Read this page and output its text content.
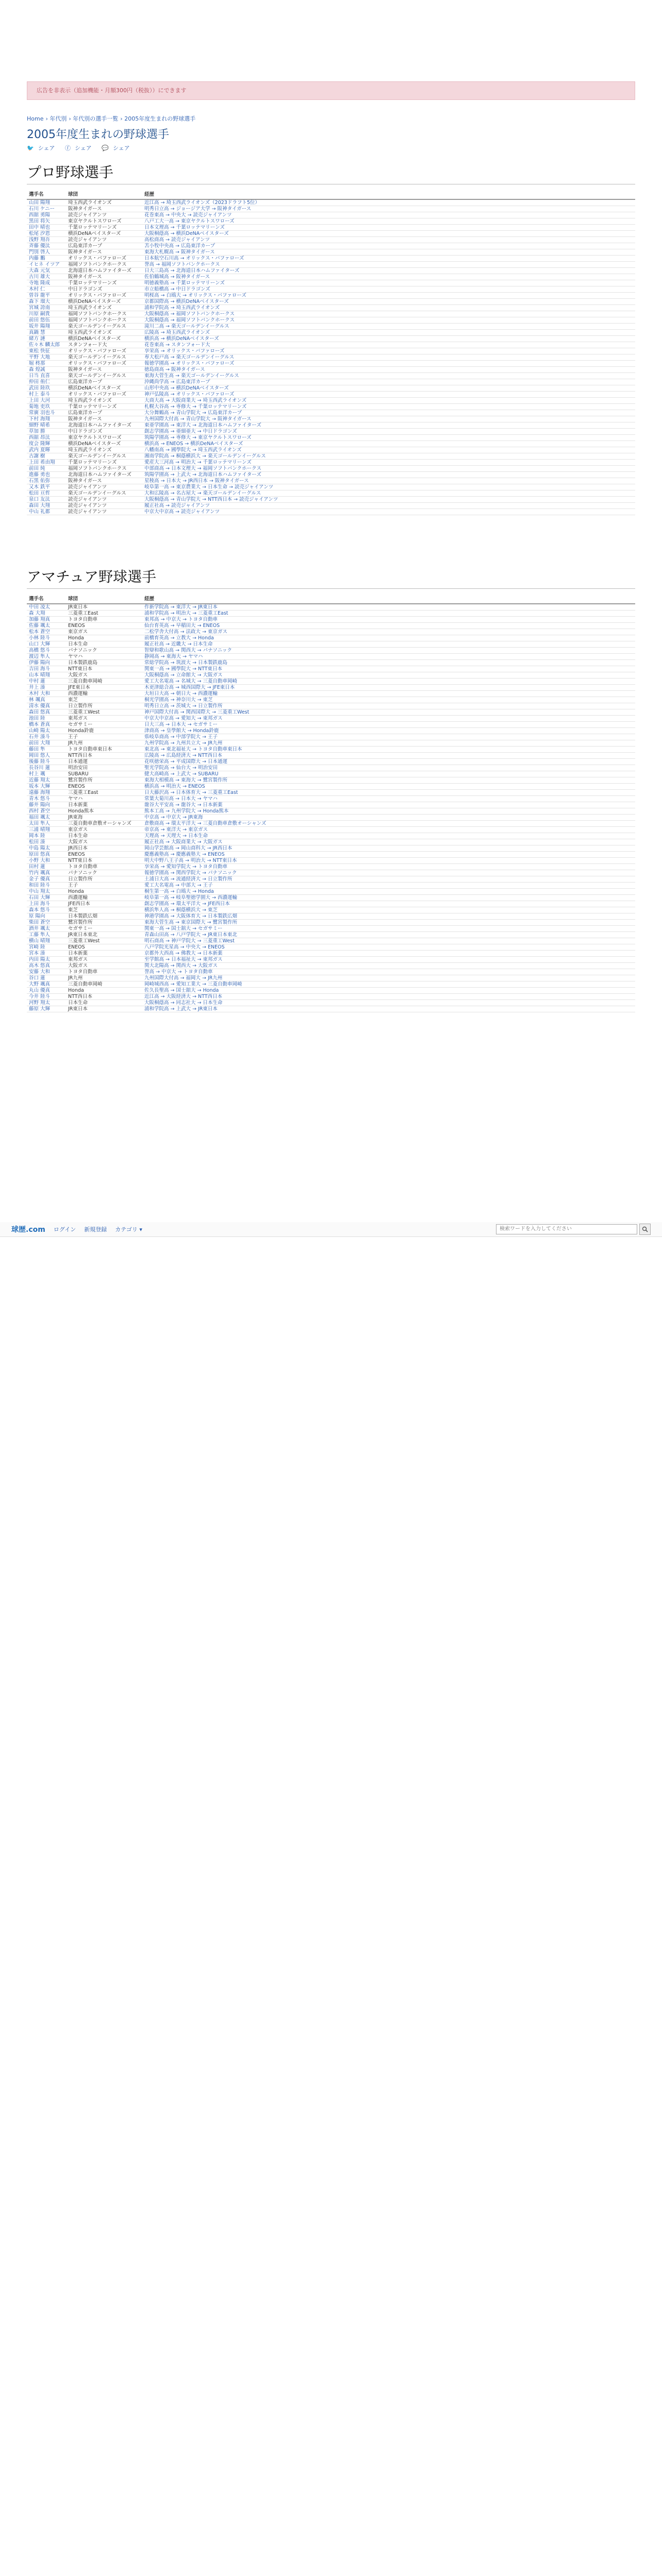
広告を非表示（追加機能・月額300円（税抜））にできます
Home › 年代別 › 年代別の選手一覧 › 2005年度生まれの野球選手
2005年度生まれの野球選手
🐦 シェア ⓕ シェア 💬 シェア
プロ野球選手
選手名	球団	経歴
山田 陽翔	埼玉西武ライオンズ	近江高 → 埼玉西武ライオンズ（2023ドラフト5位）
石川 ケニー	阪神タイガース	明秀日立高 → ジョージア大学 → 阪神タイガース
西舘 勇陽	読売ジャイアンツ	花巻東高 → 中央大 → 読売ジャイアンツ
黒田 将矢	東京ヤクルトスワローズ	八戸工大一高 → 東京ヤクルトスワローズ
田中 晴也	千葉ロッテマリーンズ	日本文理高 → 千葉ロッテマリーンズ
松尾 汐恩	横浜DeNAベイスターズ	大阪桐蔭高 → 横浜DeNAベイスターズ
浅野 翔吾	読売ジャイアンツ	高松商高 → 読売ジャイアンツ
斉藤 優汰	広島東洋カープ	苫小牧中央高 → 広島東洋カープ
門別 啓人	阪神タイガース	東海大札幌高 → 阪神タイガース
内藤 鵬	オリックス・バファローズ	日本航空石川高 → オリックス・バファローズ
イヒネ イツア	福岡ソフトバンクホークス	誉高 → 福岡ソフトバンクホークス
大森 元気	北海道日本ハムファイターズ	日大三島高 → 北海道日本ハムファイターズ
古川 雄大	阪神タイガース	佐伯鶴城高 → 阪神タイガース
寺地 隆成	千葉ロッテマリーンズ	明徳義塾高 → 千葉ロッテマリーンズ
木村 仁	中日ドラゴンズ	市立船橋高 → 中日ドラゴンズ
曽谷 龍平	オリックス・バファローズ	明桜高 → 白鴎大 → オリックス・バファローズ
森下 瑠大	横浜DeNAベイスターズ	京都国際高 → 横浜DeNAベイスターズ
宮城 誇南	埼玉西武ライオンズ	浦和学院高 → 埼玉西武ライオンズ
川原 嗣貴	福岡ソフトバンクホークス	大阪桐蔭高 → 福岡ソフトバンクホークス
前田 悠伍	福岡ソフトバンクホークス	大阪桐蔭高 → 福岡ソフトバンクホークス
坂井 陽翔	楽天ゴールデンイーグルス	滝川二高 → 楽天ゴールデンイーグルス
真鍋 慧	埼玉西武ライオンズ	広陵高 → 埼玉西武ライオンズ
緒方 漣	横浜DeNAベイスターズ	横浜高 → 横浜DeNAベイスターズ
佐々木 麟太郎	スタンフォード大	花巻東高 → スタンフォード大
東松 快征	オリックス・バファローズ	享栄高 → オリックス・バファローズ
平野 大地	楽天ゴールデンイーグルス	専大松戸高 → 楽天ゴールデンイーグルス
堀 柊那	オリックス・バファローズ	報徳学園高 → オリックス・バファローズ
森 煌誠	阪神タイガース	徳島商高 → 阪神タイガース
日当 直喜	楽天ゴールデンイーグルス	東海大菅生高 → 楽天ゴールデンイーグルス
仲田 侑仁	広島東洋カープ	沖縄尚学高 → 広島東洋カープ
武田 陸玖	横浜DeNAベイスターズ	山形中央高 → 横浜DeNAベイスターズ
村上 泰斗	オリックス・バファローズ	神戸弘陵高 → オリックス・バファローズ
上田 大河	埼玉西武ライオンズ	大商大高 → 大阪商業大 → 埼玉西武ライオンズ
菊地 吏玖	千葉ロッテマリーンズ	札幌大谷高 → 専修大 → 千葉ロッテマリーンズ
常廣 羽也斗	広島東洋カープ	大分舞鶴高 → 青山学院大 → 広島東洋カープ
下村 海翔	阪神タイガース	九州国際大付高 → 青山学院大 → 阪神タイガース
細野 晴希	北海道日本ハムファイターズ	東亜学園高 → 東洋大 → 北海道日本ハムファイターズ
草加 勝	中日ドラゴンズ	創志学園高 → 亜細亜大 → 中日ドラゴンズ
西舘 昂汰	東京ヤクルトスワローズ	筑陽学園高 → 専修大 → 東京ヤクルトスワローズ
度会 隆輝	横浜DeNAベイスターズ	横浜高 → ENEOS → 横浜DeNAベイスターズ
武内 夏暉	埼玉西武ライオンズ	八幡南高 → 國學院大 → 埼玉西武ライオンズ
古謝 樹	楽天ゴールデンイーグルス	湘南学院高 → 桐蔭横浜大 → 楽天ゴールデンイーグルス
上田 希由翔	千葉ロッテマリーンズ	愛産大三河高 → 明治大 → 千葉ロッテマリーンズ
前田 純	福岡ソフトバンクホークス	中部商高 → 日本文理大 → 福岡ソフトバンクホークス
進藤 勇也	北海道日本ハムファイターズ	筑陽学園高 → 上武大 → 北海道日本ハムファイターズ
石黒 佑弥	阪神タイガース	星稜高 → 日本大 → JR西日本 → 阪神タイガース
又木 鉄平	読売ジャイアンツ	岐阜第一高 → 東京農業大 → 日本生命 → 読売ジャイアンツ
松田 亘哲	楽天ゴールデンイーグルス	大和広陵高 → 名古屋大 → 楽天ゴールデンイーグルス
泉口 友汰	読売ジャイアンツ	大阪桐蔭高 → 青山学院大 → NTT西日本 → 読売ジャイアンツ
森田 大翔	読売ジャイアンツ	履正社高 → 読売ジャイアンツ
中山 礼都	読売ジャイアンツ	中京大中京高 → 読売ジャイアンツ
アマチュア野球選手
選手名	球団	経歴
中田 凌太	JR東日本	作新学院高 → 東洋大 → JR東日本
森 大翔	三菱重工East	浦和学院高 → 明治大 → 三菱重工East
加藤 翔真	トヨタ自動車	東邦高 → 中京大 → トヨタ自動車
佐藤 颯太	ENEOS	仙台育英高 → 早稲田大 → ENEOS
松本 蒼空	東京ガス	二松学舎大付高 → 法政大 → 東京ガス
小林 陸斗	Honda	前橋育英高 → 立教大 → Honda
山口 大輝	日本生命	履正社高 → 近畿大 → 日本生命
高橋 悠斗	パナソニック	智辯和歌山高 → 関西大 → パナソニック
渡辺 隼人	ヤマハ	静岡高 → 東海大 → ヤマハ
伊藤 陽向	日本製鉄鹿島	常総学院高 → 筑波大 → 日本製鉄鹿島
吉田 海斗	NTT東日本	関東一高 → 國學院大 → NTT東日本
山本 晴翔	大阪ガス	大阪桐蔭高 → 立命館大 → 大阪ガス
中村 蓮	三菱自動車岡崎	愛工大名電高 → 名城大 → 三菱自動車岡崎
井上 湊	JFE東日本	木更津総合高 → 城西国際大 → JFE東日本
木村 大和	西濃運輸	大垣日大高 → 朝日大 → 西濃運輸
林 颯真	東芝	桐光学園高 → 神奈川大 → 東芝
清水 優真	日立製作所	明秀日立高 → 茨城大 → 日立製作所
森田 悠真	三菱重工West	神戸国際大付高 → 関西国際大 → 三菱重工West
池田 陸	東邦ガス	中京大中京高 → 愛知大 → 東邦ガス
橋本 蒼真	セガサミー	日大三高 → 日本大 → セガサミー
山崎 陽太	Honda鈴鹿	津商高 → 皇學館大 → Honda鈴鹿
石井 湊斗	王子	県岐阜商高 → 中部学院大 → 王子
前田 大翔	JR九州	九州学院高 → 九州共立大 → JR九州
藤田 隼	トヨタ自動車東日本	東北高 → 東北福祉大 → トヨタ自動車東日本
岡田 悠人	NTT西日本	広陵高 → 広島経済大 → NTT西日本
後藤 陸斗	日本通運	花咲徳栄高 → 平成国際大 → 日本通運
長谷川 蓮	明治安田	聖光学院高 → 仙台大 → 明治安田
村上 颯	SUBARU	健大高崎高 → 上武大 → SUBARU
近藤 翔太	鷺宮製作所	東海大相模高 → 東海大 → 鷺宮製作所
坂本 大輝	ENEOS	横浜高 → 明治大 → ENEOS
遠藤 海翔	三菱重工East	日大藤沢高 → 日本体育大 → 三菱重工East
青木 悠斗	ヤマハ	常葉大菊川高 → 日本大 → ヤマハ
藤井 陽向	日本新薬	龍谷大平安高 → 龍谷大 → 日本新薬
西村 蒼空	Honda熊本	熊本工高 → 九州学院大 → Honda熊本
福田 颯太	JR東海	中京高 → 中京大 → JR東海
太田 隼人	三菱自動車倉敷オーシャンズ	倉敷商高 → 環太平洋大 → 三菱自動車倉敷オーシャンズ
三浦 晴翔	東京ガス	帝京高 → 東洋大 → 東京ガス
岡本 陸	日本生命	天理高 → 天理大 → 日本生命
松田 湊	大阪ガス	履正社高 → 大阪商業大 → 大阪ガス
中島 陽太	JR西日本	岡山学芸館高 → 岡山商科大 → JR西日本
原田 悠真	ENEOS	慶應義塾高 → 慶應義塾大 → ENEOS
小野 大和	NTT東日本	明大中野八王子高 → 明治大 → NTT東日本
田村 蓮	トヨタ自動車	享栄高 → 愛知学院大 → トヨタ自動車
竹内 颯真	パナソニック	報徳学園高 → 関西学院大 → パナソニック
金子 優真	日立製作所	土浦日大高 → 流通経済大 → 日立製作所
和田 陸斗	王子	愛工大名電高 → 中部大 → 王子
中山 翔太	Honda	桐生第一高 → 白鴎大 → Honda
石田 大輝	西濃運輸	岐阜第一高 → 岐阜聖徳学園大 → 西濃運輸
上田 海斗	JFE西日本	創志学園高 → 環太平洋大 → JFE西日本
森本 悠斗	東芝	横浜隼人高 → 桐蔭横浜大 → 東芝
原 陽向	日本製鉄広畑	神港学園高 → 大阪体育大 → 日本製鉄広畑
柴田 蒼空	鷺宮製作所	東海大菅生高 → 東京国際大 → 鷺宮製作所
酒井 颯太	セガサミー	関東一高 → 国士舘大 → セガサミー
工藤 隼人	JR東日本東北	青森山田高 → 八戸学院大 → JR東日本東北
横山 晴翔	三菱重工West	明石商高 → 神戸学院大 → 三菱重工West
宮崎 陸	ENEOS	八戸学院光星高 → 中央大 → ENEOS
宮本 湊	日本新薬	京都外大西高 → 佛教大 → 日本新薬
内田 陽太	東邦ガス	至学館高 → 日本福祉大 → 東邦ガス
高木 悠真	大阪ガス	関大北陽高 → 関西大 → 大阪ガス
安藤 大和	トヨタ自動車	誉高 → 中京大 → トヨタ自動車
谷口 蓮	JR九州	九州国際大付高 → 福岡大 → JR九州
大野 颯真	三菱自動車岡崎	岡崎城西高 → 愛知工業大 → 三菱自動車岡崎
丸山 優真	Honda	佐久長聖高 → 国士舘大 → Honda
今井 陸斗	NTT西日本	近江高 → 大阪経済大 → NTT西日本
河野 翔太	日本生命	大阪桐蔭高 → 同志社大 → 日本生命
藤原 大輝	JR東日本	浦和学院高 → 上武大 → JR東日本
球歴.com ログイン 新規登録 カテゴリ ▾
検索ワードを入力してください
